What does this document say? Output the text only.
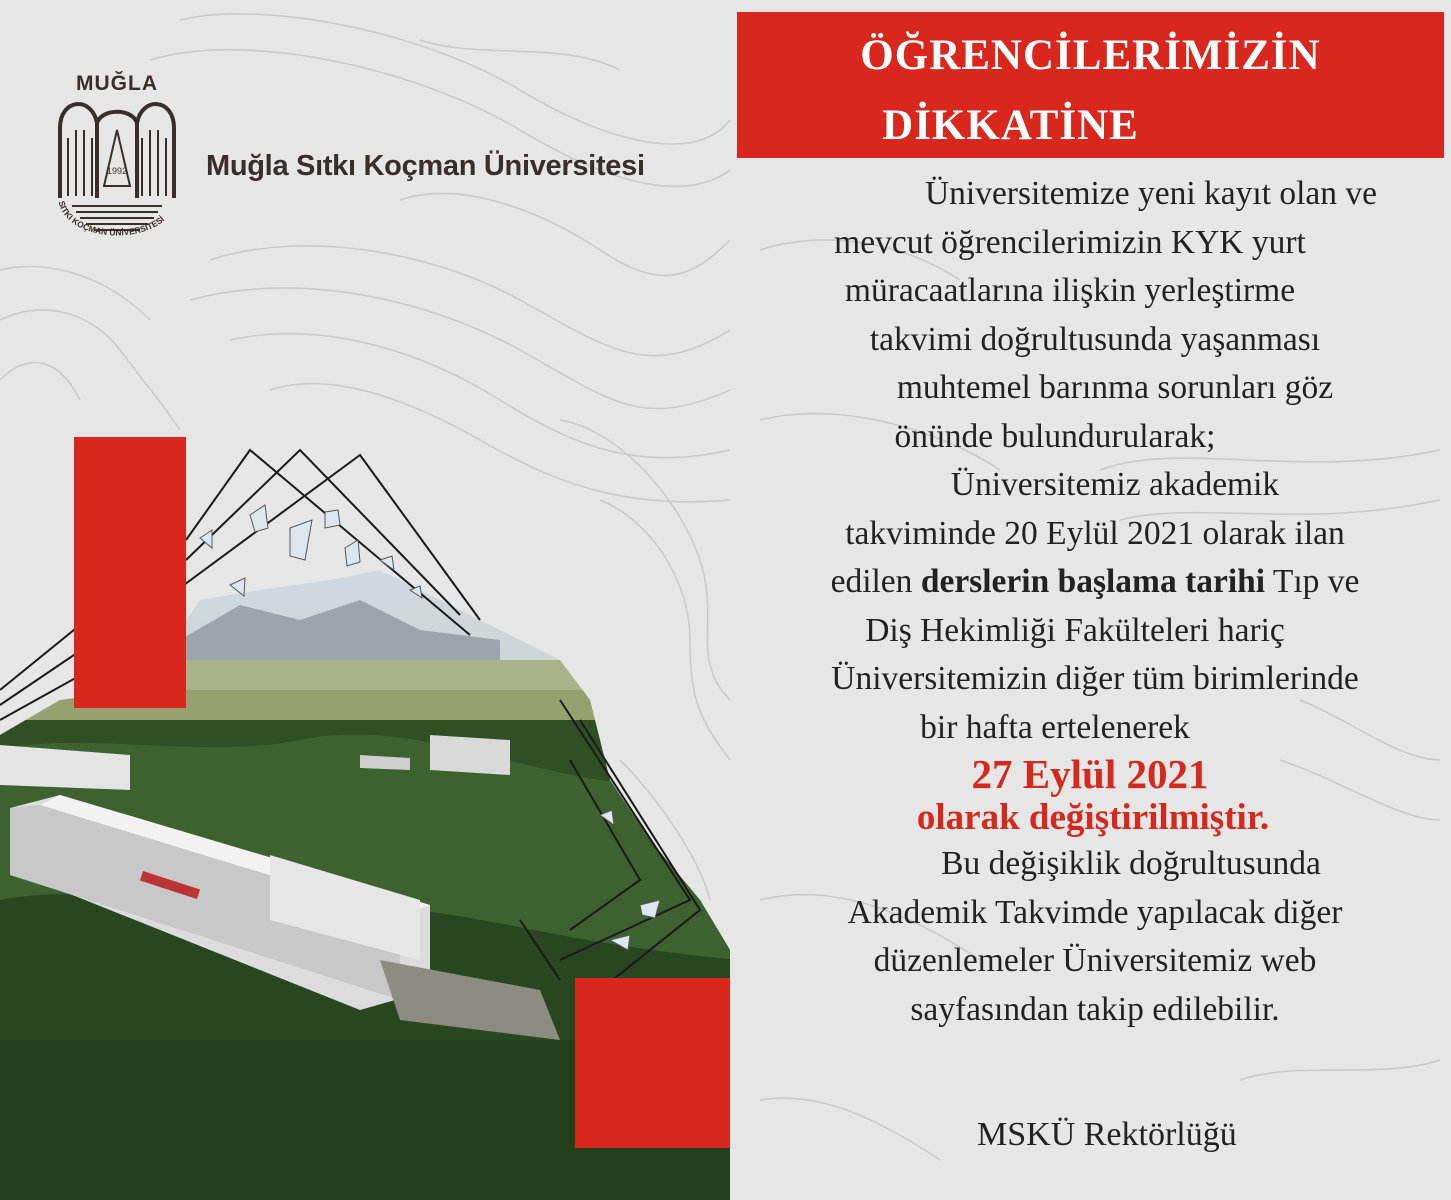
MUĞLA
1992
SITKI KOÇMAN ÜNİVERSİTESİ
Muğla Sıtkı Koçman Üniversitesi
ÖĞRENCİLERİMİZİN
DİKKATİNE
Üniversitemize yeni kayıt olan ve
mevcut öğrencilerimizin KYK yurt
müracaatlarına ilişkin yerleştirme
takvimi doğrultusunda yaşanması
muhtemel barınma sorunları göz
önünde bulundurularak;
Üniversitemiz akademik
takviminde 20 Eylül 2021 olarak ilan
edilen derslerin başlama tarihi Tıp ve
Diş Hekimliği Fakülteleri hariç
Üniversitemizin diğer tüm birimlerinde
bir hafta ertelenerek
27 Eylül 2021
olarak değiştirilmiştir.
Bu değişiklik doğrultusunda
Akademik Takvimde yapılacak diğer
düzenlemeler Üniversitemiz web
sayfasından takip edilebilir.
MSKÜ Rektörlüğü
